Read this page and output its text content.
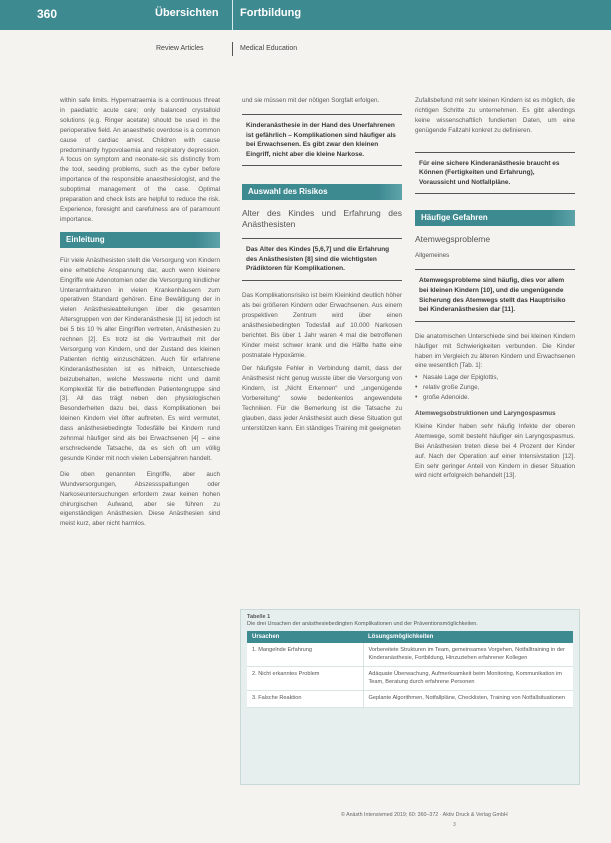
360	Übersichten Fortbildung
Review Articles	Medical Education

within safe limits. Hypernatraemia is a continuous threat in paediatric acute care; only balanced crystalloid solutions (e.g. Ringer acetate) should be used in the perioperative field. An anaesthetic overdose is a common cause of cardiac arrest. Children with cause predominantly hypovolaemia and respiratory depression. A focus on symptom and neonate-sic sis distinctly from the tool, seeding problems, such as the cyber before importance of the responsible anaesthesiologist, and the suboptimal management of the case. Optimal preparation and check lists are helpful to reduce the risk. Experience, foresight and carefulness are of paramount importance.

Einleitung

Für viele Anästhesisten stellt die Versorgung von Kindern eine erhebliche Anspannung dar, auch wenn kleinere Eingriffe wie Adenotomien oder die Versorgung kindlicher Unterarmfrakturen in vielen Krankenhäusern zum operativen Standard gehören. Eine Bewältigung der in vielen Anästhesieabteilungen über die gesamten Altersgruppen von der Kinderanästhesie [1] ist jedoch ist bei 5 bis 10 % aller Eingriffen vertreten, Anästhesien zu rechnen [2]. Es trotz ist die Vertrautheit mit der Versorgung von Kindern, und der Zustand des kleinen Patienten richtig einzuschätzen. Auch für erfahrene Kinderanästhesisten ist es hilfreich, Unterschiede beizubehalten, welche Messwerte nicht und damit Komplexität für die betreffenden Patientengruppe sind [3]. All das trägt neben den physiologischen Besonderheiten dazu bei, dass Komplikationen bei kleinen Kindern viel öfter auftreten. Es wird vermutet, dass anästhesiebedingte Todesfälle bei Kindern rund zehnmal häufiger sind als bei Erwachsenen [4] – eine erschreckende Tatsache, da es sich oft um völlig gesunde Kinder mit noch vielen Lebensjahren handelt.

Die oben genannten Eingriffe, aber auch Wundversorgungen, Abszessspaltungen oder Narkoseuntersuchungen erfordern zwar keinen hohen chirurgischen Aufwand, aber sie führen zu eigenständigen Anästhesien. Diese Anästhesien sind meist kurz, aber nicht harmlos.

und sie müssen mit der nötigen Sorgfalt erfolgen.

Kinderanästhesie in der Hand des Unerfahrenen ist gefährlich – Komplikationen sind häufiger als bei Erwachsenen. Es gibt zwar den kleinen Eingriff, nicht aber die kleine Narkose.
Auswahl des Risikos
Alter des Kindes und Erfahrung des Anästhesisten
Das Alter des Kindes [5,6,7] und die Erfahrung des Anästhesisten [8] sind die wichtigsten Prädiktoren für Komplikationen.

Das Komplikationsrisiko ist beim Kleinkind deutlich höher als bei größeren Kindern oder Erwachsenen. Aus einem prospektiven Zentrum wird über einen anästhesiebedingten Todesfall auf 10.000 Narkosen berichtet. Bis über 1 Jahr waren 4 mal die betroffenen Kinder meist schwer krank und die Hälfte hatte eine postnatale Hypoxämie.

Der häufigste Fehler in Verbindung damit, dass der Anästhesist nicht genug wusste über die Versorgung von Kindern, ist „Nicht Erkennen“ und „ungenügende Vorbereitung“ sowie bedenkenlos angewendete Techniken. Für die Bemerkung ist die Tatsache zu glauben, dass jeder Anästhesist auch diese Situation gut unterstützen kann. Ein ständiges Training mit geeigneten

Zufallsbefund mit sehr kleinen Kindern ist es möglich, die richtigen Schritte zu unternehmen. Es gibt allerdings keine wissenschaftlich fundierten Daten, um eine genügende Fallzahl konkret zu definieren.

Für eine sichere Kinderanästhesie braucht es Können (Fertigkeiten und Erfahrung), Voraussicht und Notfallpläne.
Häufige Gefahren
Atemwegsprobleme
Allgemeines
Atemwegsprobleme sind häufig, dies vor allem bei kleinen Kindern [10], und die ungenügende Sicherung des Atemwegs stellt das Hauptrisiko bei Kinderanästhesien dar [11].

Die anatomischen Unterschiede sind bei kleinen Kindern häufiger mit Schwierigkeiten verbunden. Die Kinder haben im Vergleich zu älteren Kindern und Erwachsenen eine wesentlich [Tab. 1]:

• Nasale Lage der Epiglottis,
• relativ große Zunge,
• große Adenoide.
Atemwegsobstruktionen und Laryngospasmus

Kleine Kinder haben sehr häufig Infekte der oberen Atemwege, somit besteht häufiger ein Laryngospasmus. Bei Anästhesien treten diese bei 4 Prozent der Kinder auf. Nach der Operation auf einer Intensivstation [12]. Ein sehr geringer Anteil von Kindern in dieser Situation wird nicht erfolgreich behandelt [13].

Tabelle 1
Die drei Ursachen der anästhesiebedingten Komplikationen und der Präventionsmöglichkeiten.
Ursachen	Lösungsmöglichkeiten
1. Mangelnde Erfahrung	Vorbereitete Strukturen im Team, gemeinsames Vorgehen, Notfalltraining in der Kinderanästhesie, Fortbildung, Hinzuziehen erfahrener Kollegen
2. Nicht erkanntes Problem	Adäquate Überwachung, Aufmerksamkeit beim Monitoring, Kommunikation im Team, Beratung durch erfahrene Personen
3. Falsche Reaktion	Geplante Algorithmen, Notfallpläne, Checklisten, Training von Notfallsituationen
© Anästh Intensivmed 2019; 60: 360–372 · Aktiv Druck & Verlag GmbH
3
